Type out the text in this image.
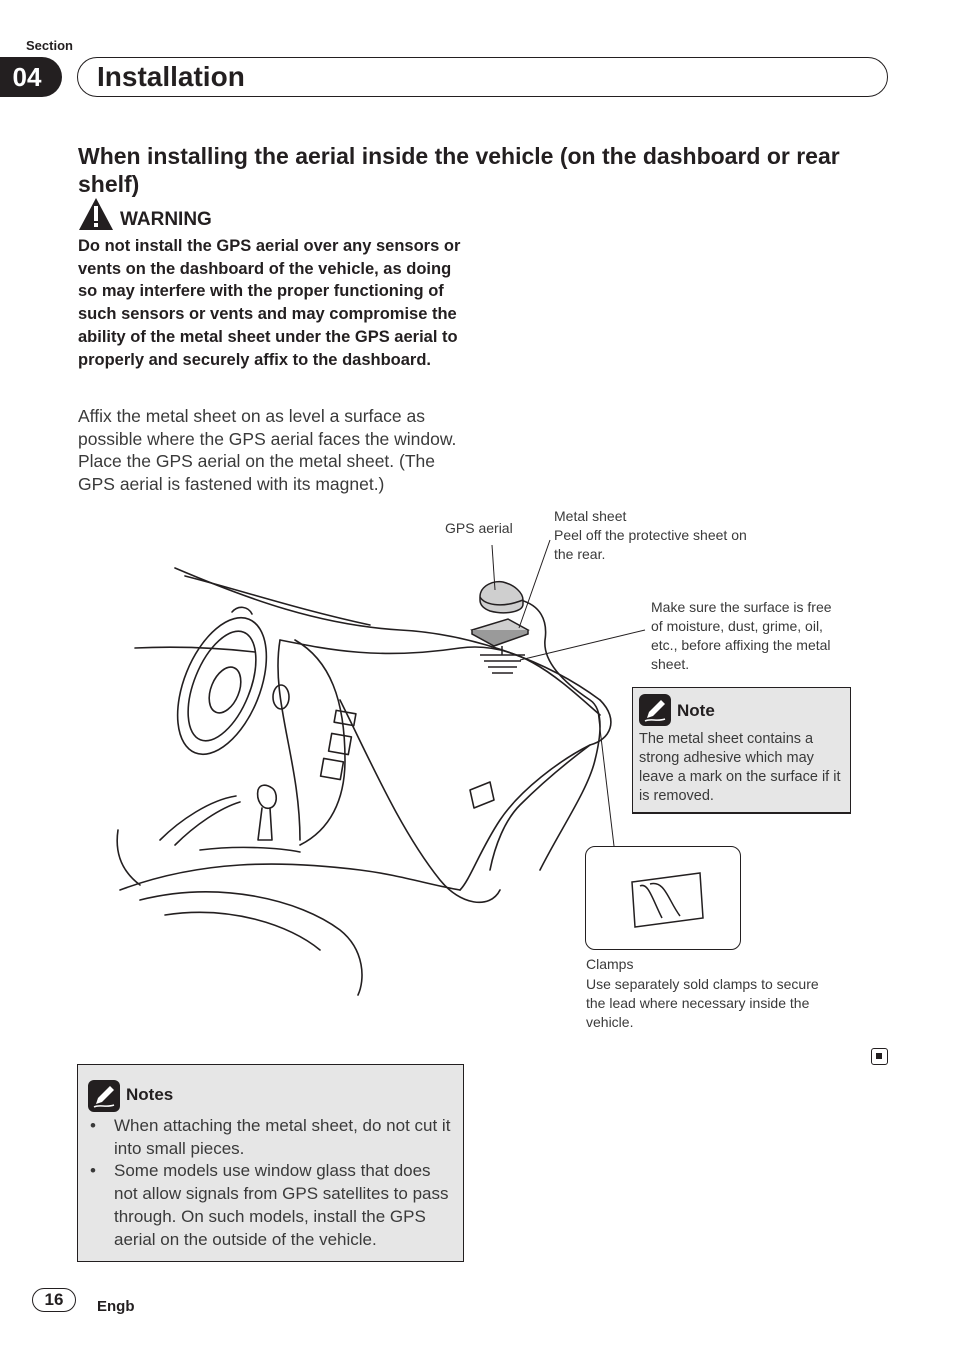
Section
04	Installation
When installing the aerial inside the vehicle (on the dashboard or rear shelf)
WARNING
Do not install the GPS aerial over any sensors or vents on the dashboard of the vehicle, as doing so may interfere with the proper functioning of such sensors or vents and may compromise the ability of the metal sheet under the GPS aerial to properly and securely affix to the dashboard.
Affix the metal sheet on as level a surface as possible where the GPS aerial faces the window. Place the GPS aerial on the metal sheet. (The GPS aerial is fastened with its magnet.)
GPS aerial
Metal sheet
Peel off the protective sheet on the rear.
Make sure the surface is free of moisture, dust, grime, oil, etc., before affixing the metal sheet.
Note
The metal sheet contains a strong adhesive which may leave a mark on the surface if it is removed.
Clamps
Use separately sold clamps to secure the lead where necessary inside the vehicle.
Notes
• When attaching the metal sheet, do not cut it into small pieces.
• Some models use window glass that does not allow signals from GPS satellites to pass through. On such models, install the GPS aerial on the outside of the vehicle.
16	Engb
